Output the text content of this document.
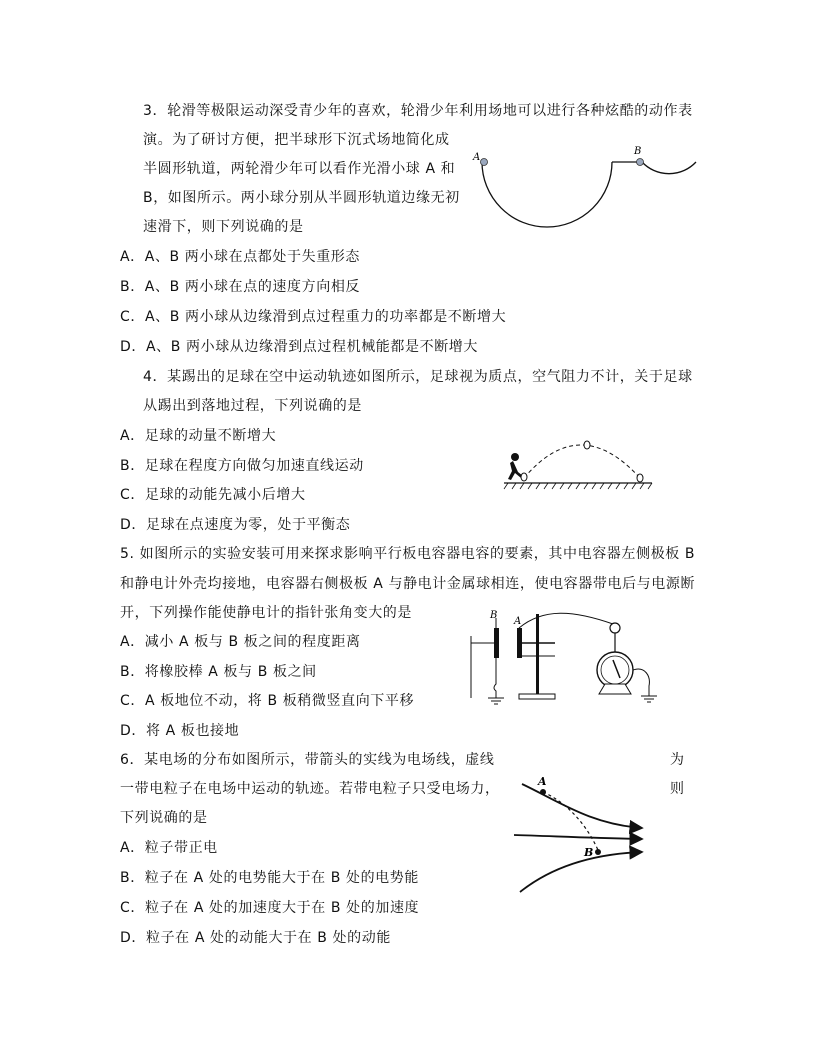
3．轮滑等极限运动深受青少年的喜欢，轮滑少年利用场地可以进行各种炫酷的动作表
演。为了研讨方便，把半球形下沉式场地简化成
半圆形轨道，两轮滑少年可以看作光滑小球 A 和
B，如图所示。两小球分别从半圆形轨道边缘无初
速滑下，则下列说确的是
A．A、B 两小球在点都处于失重形态
B．A、B 两小球在点的速度方向相反
C．A、B 两小球从边缘滑到点过程重力的功率都是不断增大
D．A、B 两小球从边缘滑到点过程机械能都是不断增大
A
B
4．某踢出的足球在空中运动轨迹如图所示，足球视为质点，空气阻力不计，关于足球
从踢出到落地过程，下列说确的是
A．足球的动量不断增大
B．足球在程度方向做匀加速直线运动
C．足球的动能先减小后增大
D．足球在点速度为零，处于平衡态
5. 如图所示的实验安装可用来探求影响平行板电容器电容的要素，其中电容器左侧极板 B
和静电计外壳均接地，电容器右侧极板 A 与静电计金属球相连，使电容器带电后与电源断
开，下列操作能使静电计的指针张角变大的是
A．减小 A 板与 B 板之间的程度距离
B．将橡胶棒 A 板与 B 板之间
C．A 板地位不动，将 B 板稍微竖直向下平移
D．将 A 板也接地
B
A
6．某电场的分布如图所示，带箭头的实线为电场线，虚线	为
一带电粒子在电场中运动的轨迹。若带电粒子只受电场力，	则
下列说确的是
A．粒子带正电
B．粒子在 A 处的电势能大于在 B 处的电势能
C．粒子在 A 处的加速度大于在 B 处的加速度
D．粒子在 A 处的动能大于在 B 处的动能
A
B
